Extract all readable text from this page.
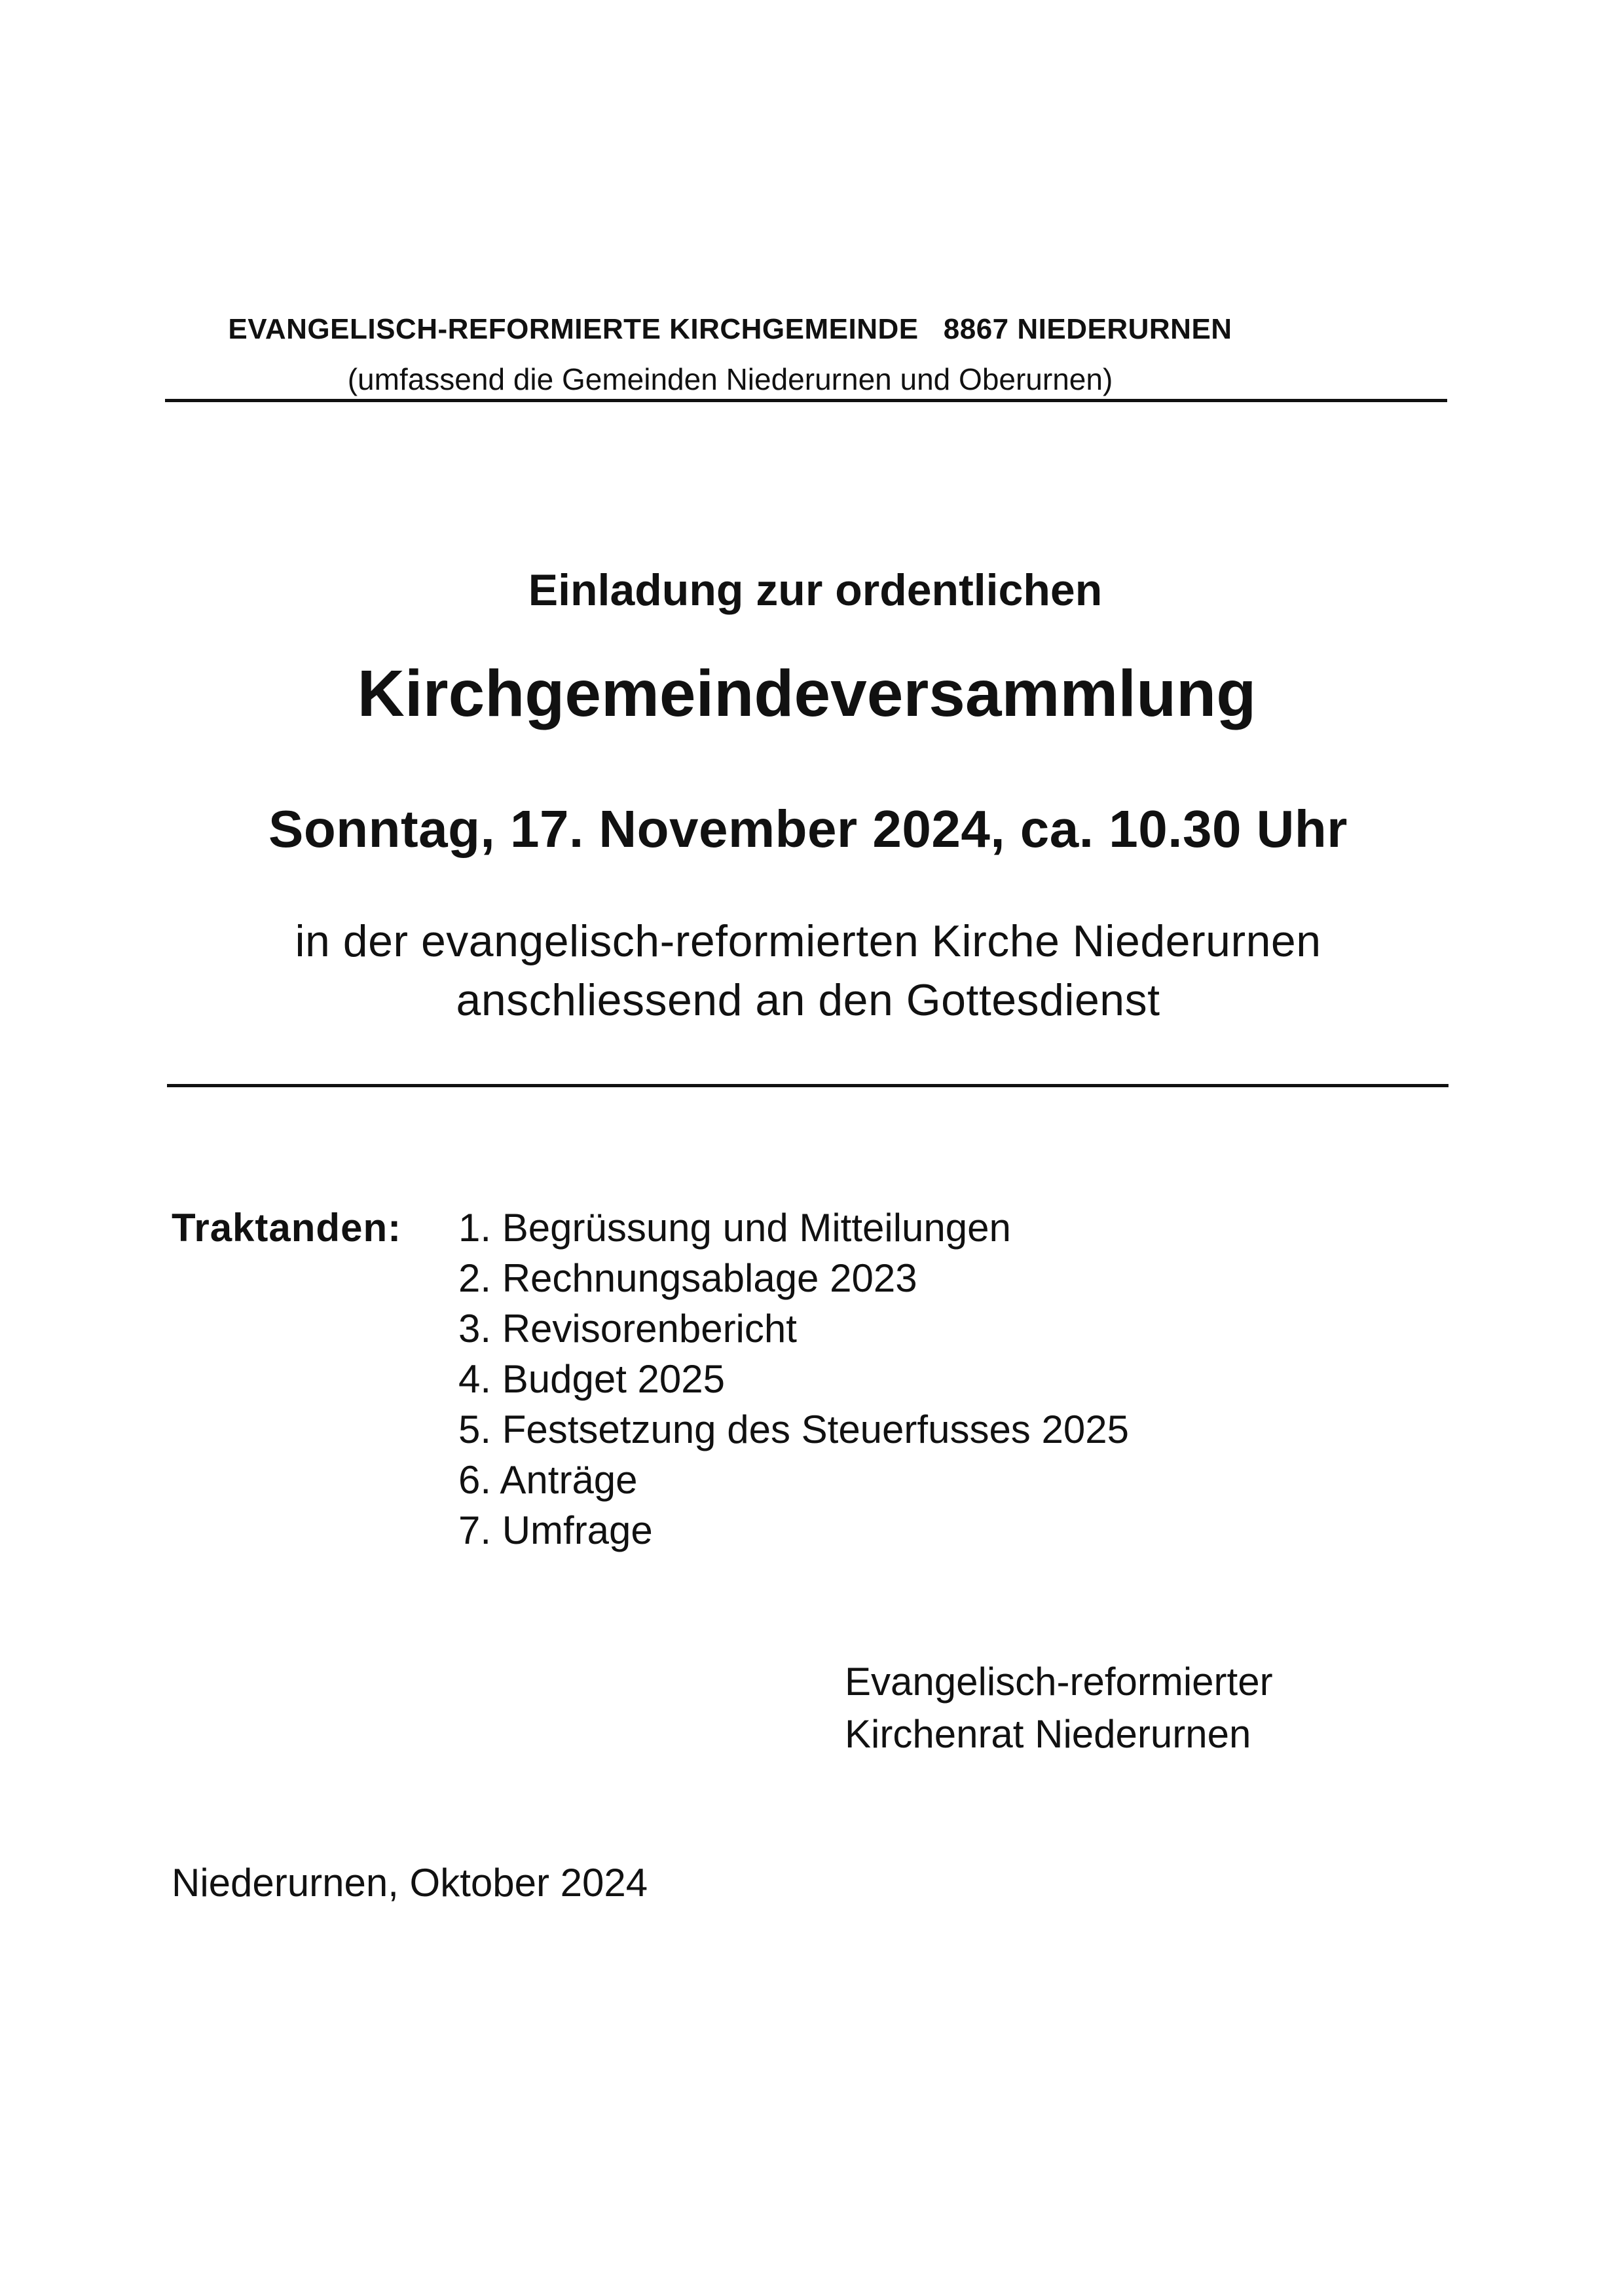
EVANGELISCH-REFORMIERTE KIRCHGEMEINDE   8867 NIEDERURNEN
(umfassend die Gemeinden Niederurnen und Oberurnen)
Einladung zur ordentlichen
Kirchgemeindeversammlung
Sonntag, 17. November 2024, ca. 10.30 Uhr
in der evangelisch-reformierten Kirche Niederurnen
anschliessend an den Gottesdienst
Traktanden: 1. Begrüssung und Mitteilungen
2. Rechnungsablage 2023
3. Revisorenbericht
4. Budget 2025
5. Festsetzung des Steuerfusses 2025
6. Anträge
7. Umfrage
Evangelisch-reformierter
Kirchenrat Niederurnen
Niederurnen, Oktober 2024
